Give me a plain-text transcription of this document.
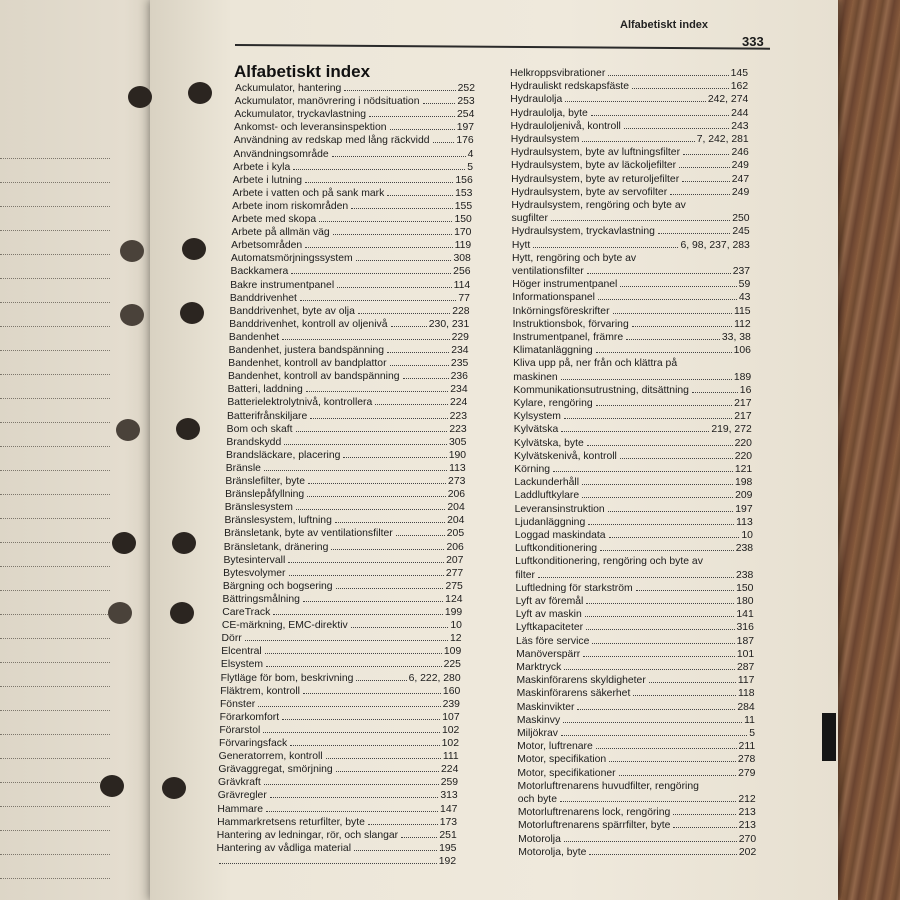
Alfabetiskt index
333
Alfabetiskt index
Ackumulator, hantering	252
Ackumulator, manövrering i nödsituation	253
Ackumulator, tryckavlastning	254
Ankomst- och leveransinspektion	197
Användning av redskap med lång räckvidd	176
Användningsområde	4
Arbete i kyla	5
Arbete i lutning	156
Arbete i vatten och på sank mark	153
Arbete inom riskområden	155
Arbete med skopa	150
Arbete på allmän väg	170
Arbetsområden	119
Automatsmörjningssystem	308
Backkamera	256
Bakre instrumentpanel	114
Banddrivenhet	77
Banddrivenhet, byte av olja	228
Banddrivenhet, kontroll av oljenivå	230, 231
Bandenhet	229
Bandenhet, justera bandspänning	234
Bandenhet, kontroll av bandplattor	235
Bandenhet, kontroll av bandspänning	236
Batteri, laddning	234
Batterielektrolytnivå, kontrollera	224
Batterifrånskiljare	223
Bom och skaft	223
Brandskydd	305
Brandsläckare, placering	190
Bränsle	113
Bränslefilter, byte	273
Bränslepåfyllning	206
Bränslesystem	204
Bränslesystem, luftning	204
Bränsletank, byte av ventilationsfilter	205
Bränsletank, dränering	206
Bytesintervall	207
Bytesvolymer	277
Bärgning och bogsering	275
Bättringsmålning	124
CareTrack	199
CE-märkning, EMC-direktiv	10
Dörr	12
Elcentral	109
Elsystem	225
Flytläge för bom, beskrivning	6, 222, 280
Fläktrem, kontroll	160
Fönster	239
Förarkomfort	107
Förarstol	102
Förvaringsfack	102
Generatorrem, kontroll	111
Grävaggregat, smörjning	224
Grävkraft	259
Grävregler	313
Hammare	147
Hammarkretsens returfilter, byte	173
Hantering av ledningar, rör, och slangar	251
Hantering av vådliga material	195
192
Helkroppsvibrationer	145
Hydrauliskt redskapsfäste	162
Hydraulolja	242, 274
Hydraulolja, byte	244
Hydrauloljenivå, kontroll	243
Hydraulsystem	7, 242, 281
Hydraulsystem, byte av luftningsfilter	246
Hydraulsystem, byte av läckoljefilter	249
Hydraulsystem, byte av returoljefilter	247
Hydraulsystem, byte av servofilter	249
Hydraulsystem, rengöring och byte av
sugfilter	250
Hydraulsystem, tryckavlastning	245
Hytt	6, 98, 237, 283
Hytt, rengöring och byte av
ventilationsfilter	237
Höger instrumentpanel	59
Informationspanel	43
Inkörningsföreskrifter	115
Instruktionsbok, förvaring	112
Instrumentpanel, främre	33, 38
Klimatanläggning	106
Kliva upp på, ner från och klättra på
maskinen	189
Kommunikationsutrustning, ditsättning	16
Kylare, rengöring	217
Kylsystem	217
Kylvätska	219, 272
Kylvätska, byte	220
Kylvätskenivå, kontroll	220
Körning	121
Lackunderhåll	198
Laddluftkylare	209
Leveransinstruktion	197
Ljudanläggning	113
Loggad maskindata	10
Luftkonditionering	238
Luftkonditionering, rengöring och byte av
filter	238
Luftledning för starkström	150
Lyft av föremål	180
Lyft av maskin	141
Lyftkapaciteter	316
Läs före service	187
Manöverspärr	101
Marktryck	287
Maskinförarens skyldigheter	117
Maskinförarens säkerhet	118
Maskinvikter	284
Maskinvy	11
Miljökrav	5
Motor, luftrenare	211
Motor, specifikation	278
Motor, specifikationer	279
Motorluftrenarens huvudfilter, rengöring
och byte	212
Motorluftrenarens lock, rengöring	213
Motorluftrenarens spärrfilter, byte	213
Motorolja	270
Motorolja, byte	202
